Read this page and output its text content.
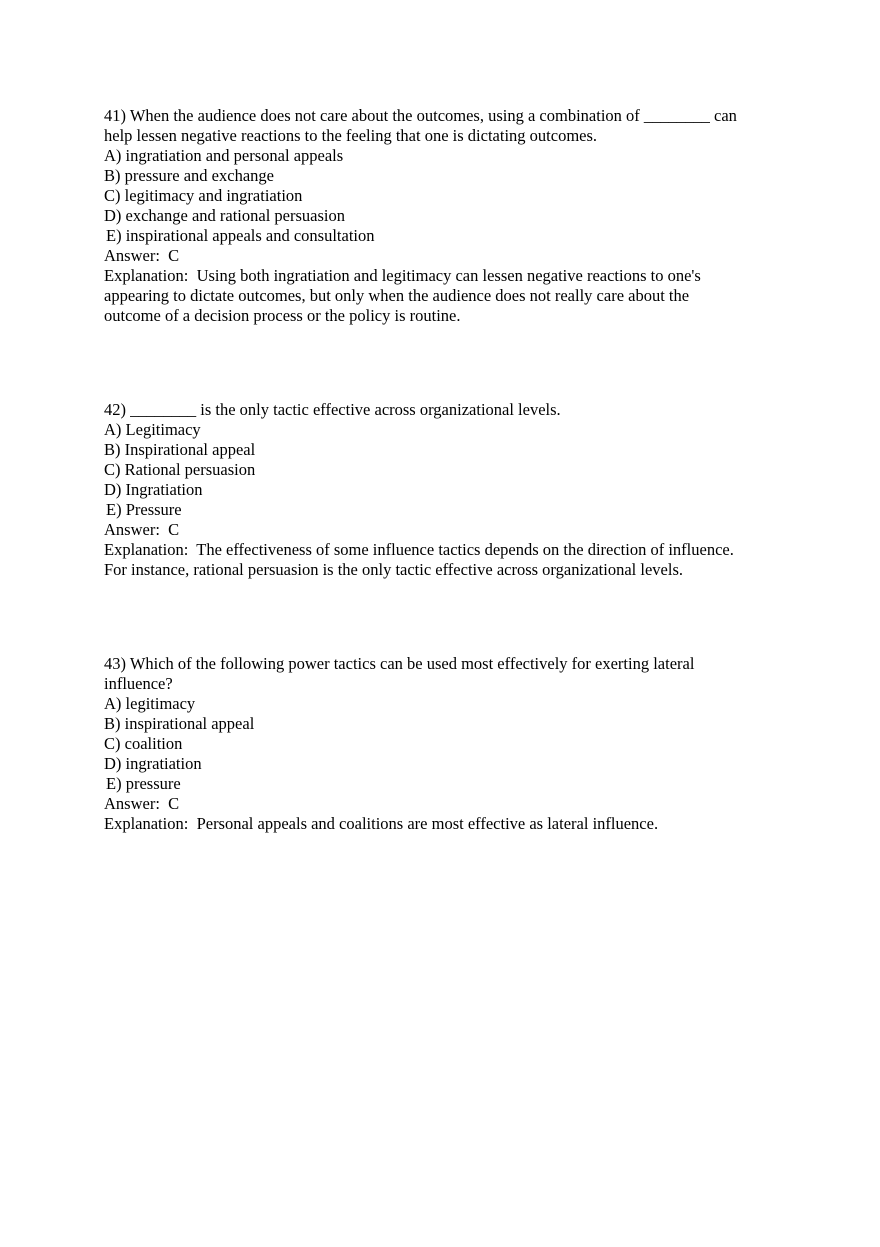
41) When the audience does not care about the outcomes, using a combination of ________ can
help lessen negative reactions to the feeling that one is dictating outcomes.
A) ingratiation and personal appeals
B) pressure and exchange
C) legitimacy and ingratiation
D) exchange and rational persuasion
E) inspirational appeals and consultation
Answer:  C
Explanation:  Using both ingratiation and legitimacy can lessen negative reactions to one's
appearing to dictate outcomes, but only when the audience does not really care about the
outcome of a decision process or the policy is routine.
42) ________ is the only tactic effective across organizational levels.
A) Legitimacy
B) Inspirational appeal
C) Rational persuasion
D) Ingratiation
E) Pressure
Answer:  C
Explanation:  The effectiveness of some influence tactics depends on the direction of influence.
For instance, rational persuasion is the only tactic effective across organizational levels.
43) Which of the following power tactics can be used most effectively for exerting lateral
influence?
A) legitimacy
B) inspirational appeal
C) coalition
D) ingratiation
E) pressure
Answer:  C
Explanation:  Personal appeals and coalitions are most effective as lateral influence.
